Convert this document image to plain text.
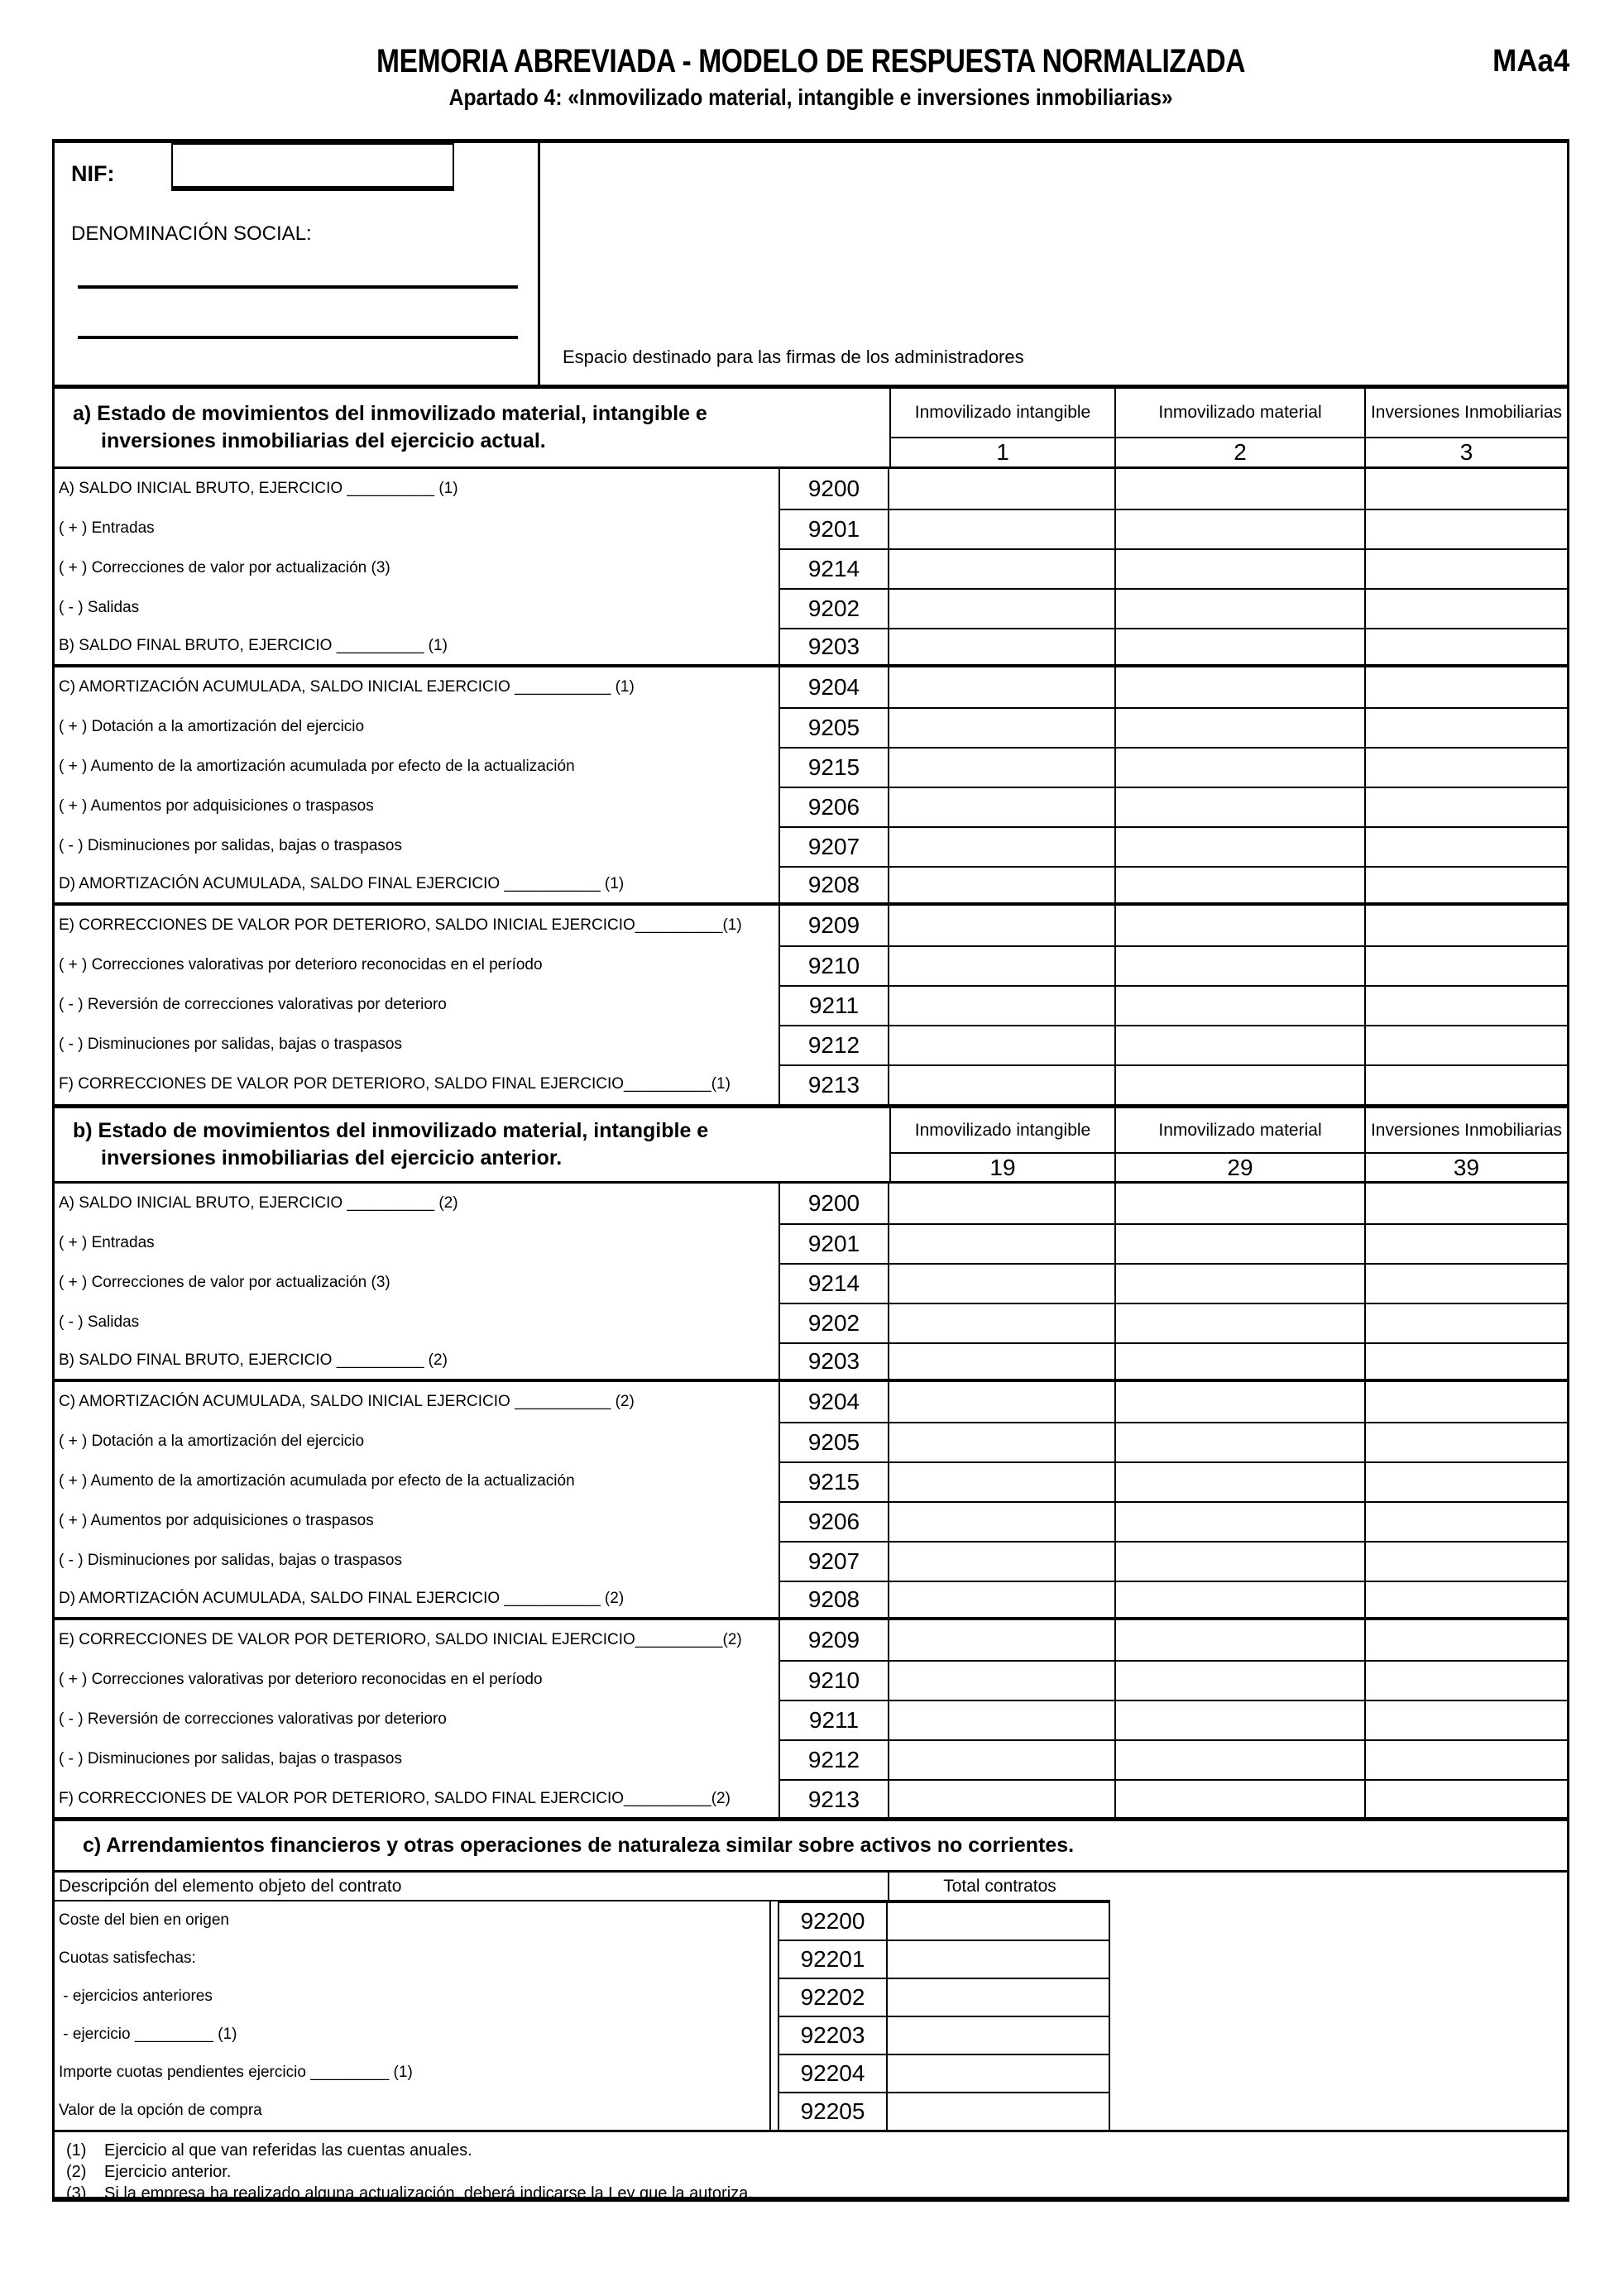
MEMORIA ABREVIADA - MODELO DE RESPUESTA NORMALIZADA	MAa4
Apartado 4: «Inmovilizado material, intangible e inversiones inmobiliarias»
NIF:
DENOMINACIÓN SOCIAL:
Espacio destinado para las firmas de los administradores
a) Estado de movimientos del inmovilizado material, intangible e
inversiones inmobiliarias del ejercicio actual.
Inmovilizado intangible
1
Inmovilizado material
2
Inversiones Inmobiliarias
3
A) SALDO INICIAL BRUTO, EJERCICIO __________ (1)	9200
( + ) Entradas	9201
( + ) Correcciones de valor por actualización (3)	9214
( - ) Salidas	9202
B) SALDO FINAL BRUTO, EJERCICIO __________ (1)	9203
C) AMORTIZACIÓN ACUMULADA, SALDO INICIAL EJERCICIO ___________ (1)	9204
( + ) Dotación a la amortización del ejercicio	9205
( + ) Aumento de la amortización acumulada por efecto de la actualización	9215
( + ) Aumentos por adquisiciones o traspasos	9206
( - ) Disminuciones por salidas, bajas o traspasos	9207
D) AMORTIZACIÓN ACUMULADA, SALDO FINAL EJERCICIO ___________ (1)	9208
E) CORRECCIONES DE VALOR POR DETERIORO, SALDO INICIAL EJERCICIO__________(1)	9209
( + ) Correcciones valorativas por deterioro reconocidas en el período	9210
( - ) Reversión de correcciones valorativas por deterioro	9211
( - ) Disminuciones por salidas, bajas o traspasos	9212
F) CORRECCIONES DE VALOR POR DETERIORO, SALDO FINAL EJERCICIO__________(1)	9213
b) Estado de movimientos del inmovilizado material, intangible e
inversiones inmobiliarias del ejercicio anterior.
Inmovilizado intangible
19
Inmovilizado material
29
Inversiones Inmobiliarias
39
A) SALDO INICIAL BRUTO, EJERCICIO __________ (2)	9200
( + ) Entradas	9201
( + ) Correcciones de valor por actualización (3)	9214
( - ) Salidas	9202
B) SALDO FINAL BRUTO, EJERCICIO __________ (2)	9203
C) AMORTIZACIÓN ACUMULADA, SALDO INICIAL EJERCICIO ___________ (2)	9204
( + ) Dotación a la amortización del ejercicio	9205
( + ) Aumento de la amortización acumulada por efecto de la actualización	9215
( + ) Aumentos por adquisiciones o traspasos	9206
( - ) Disminuciones por salidas, bajas o traspasos	9207
D) AMORTIZACIÓN ACUMULADA, SALDO FINAL EJERCICIO ___________ (2)	9208
E) CORRECCIONES DE VALOR POR DETERIORO, SALDO INICIAL EJERCICIO__________(2)	9209
( + ) Correcciones valorativas por deterioro reconocidas en el período	9210
( - ) Reversión de correcciones valorativas por deterioro	9211
( - ) Disminuciones por salidas, bajas o traspasos	9212
F) CORRECCIONES DE VALOR POR DETERIORO, SALDO FINAL EJERCICIO__________(2)	9213
c) Arrendamientos financieros y otras operaciones de naturaleza similar sobre activos no corrientes.
Descripción del elemento objeto del contrato	Total contratos
Coste del bien en origen	92200
Cuotas satisfechas:	92201
- ejercicios anteriores	92202
- ejercicio _________ (1)	92203
Importe cuotas pendientes ejercicio _________ (1)	92204
Valor de la opción de compra	92205
(1)	Ejercicio al que van referidas las cuentas anuales.
(2)	Ejercicio anterior.
(3)	Si la empresa ha realizado alguna actualización, deberá indicarse la Ley que la autoriza.
